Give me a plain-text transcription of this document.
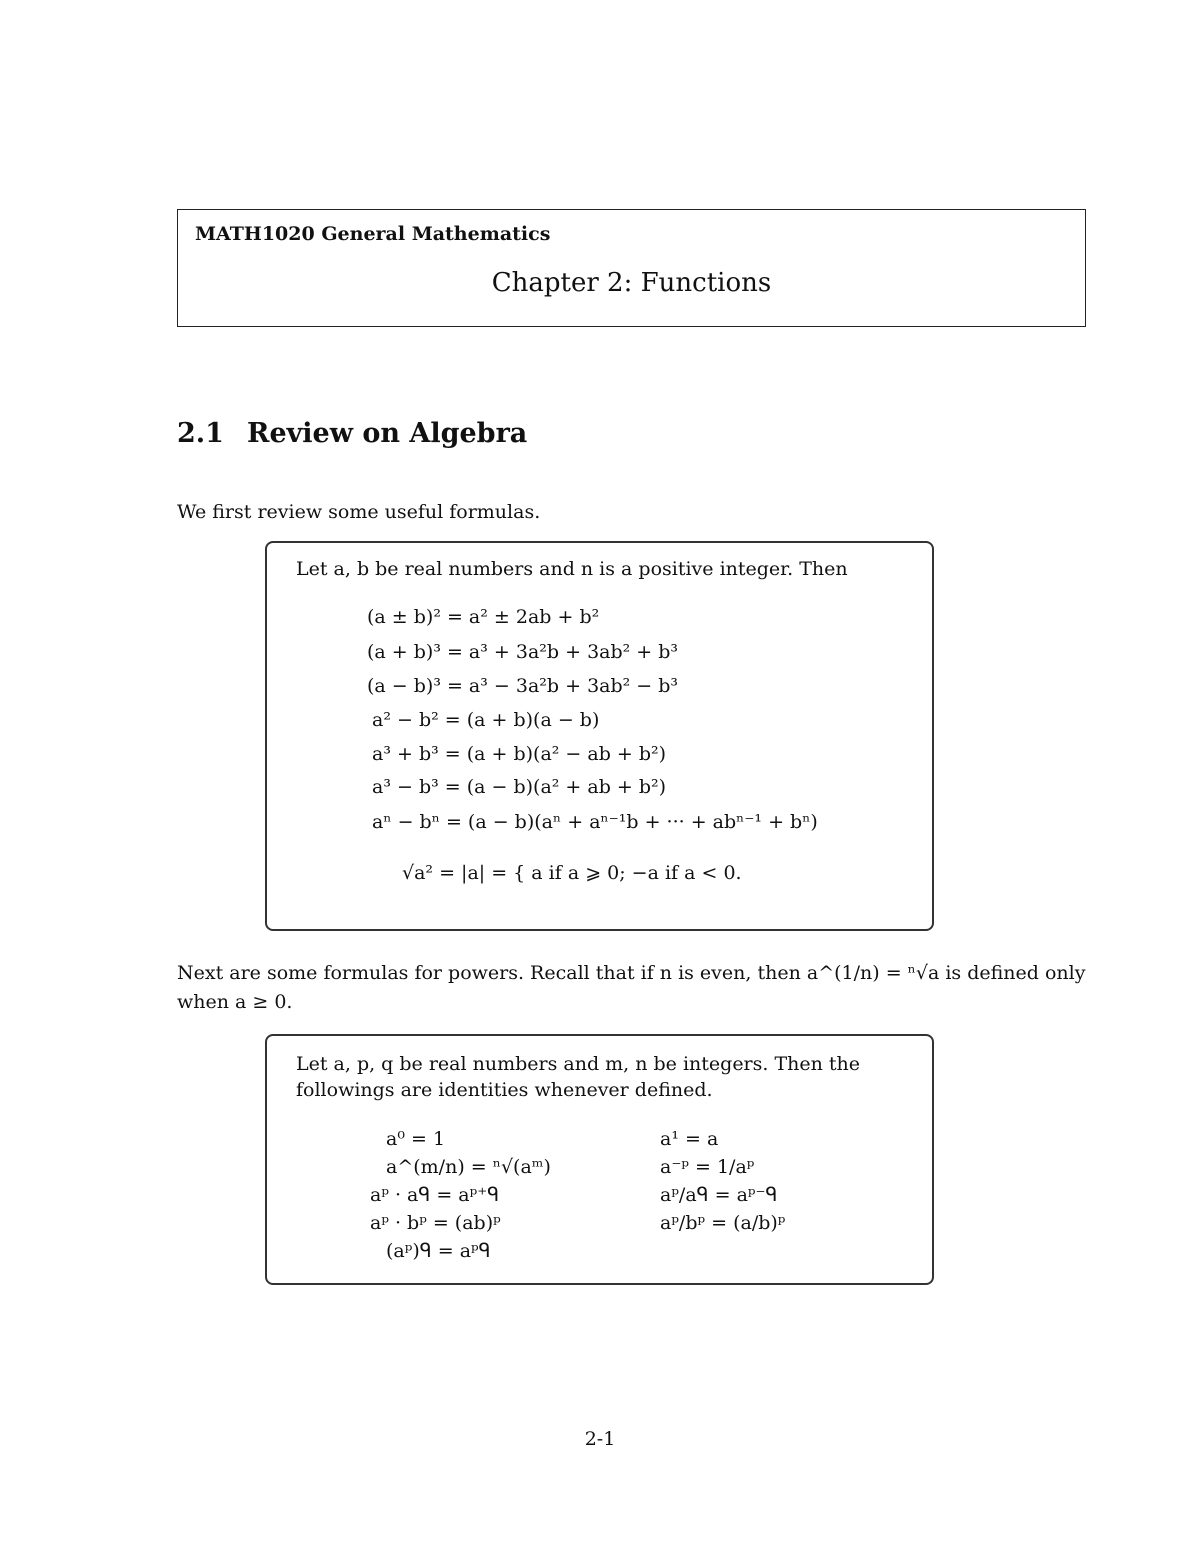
MATH1020 General Mathematics
Chapter 2: Functions
2.1 Review on Algebra
We first review some useful formulas.
Let a, b be real numbers and n is a positive integer. Then
(a ± b)² = a² ± 2ab + b²
(a + b)³ = a³ + 3a²b + 3ab² + b³
(a − b)³ = a³ − 3a²b + 3ab² − b³
a² − b² = (a + b)(a − b)
a³ + b³ = (a + b)(a² − ab + b²)
a³ − b³ = (a − b)(a² + ab + b²)
aⁿ − bⁿ = (a − b)(aⁿ + aⁿ⁻¹b + ··· + abⁿ⁻¹ + bⁿ)
√a² = |a| = { a if a ⩾ 0; −a if a < 0.
Next are some formulas for powers. Recall that if n is even, then a^(1/n) = ⁿ√a is defined only
when a ≥ 0.
Let a, p, q be real numbers and m, n be integers. Then the
followings are identities whenever defined.
a⁰ = 1
a^(m/n) = ⁿ√(aᵐ)
aᵖ · aᑫ = aᵖ⁺ᑫ
aᵖ · bᵖ = (ab)ᵖ
(aᵖ)ᑫ = aᵖᑫ
a¹ = a
a⁻ᵖ = 1/aᵖ
aᵖ/aᑫ = aᵖ⁻ᑫ
aᵖ/bᵖ = (a/b)ᵖ
2-1
